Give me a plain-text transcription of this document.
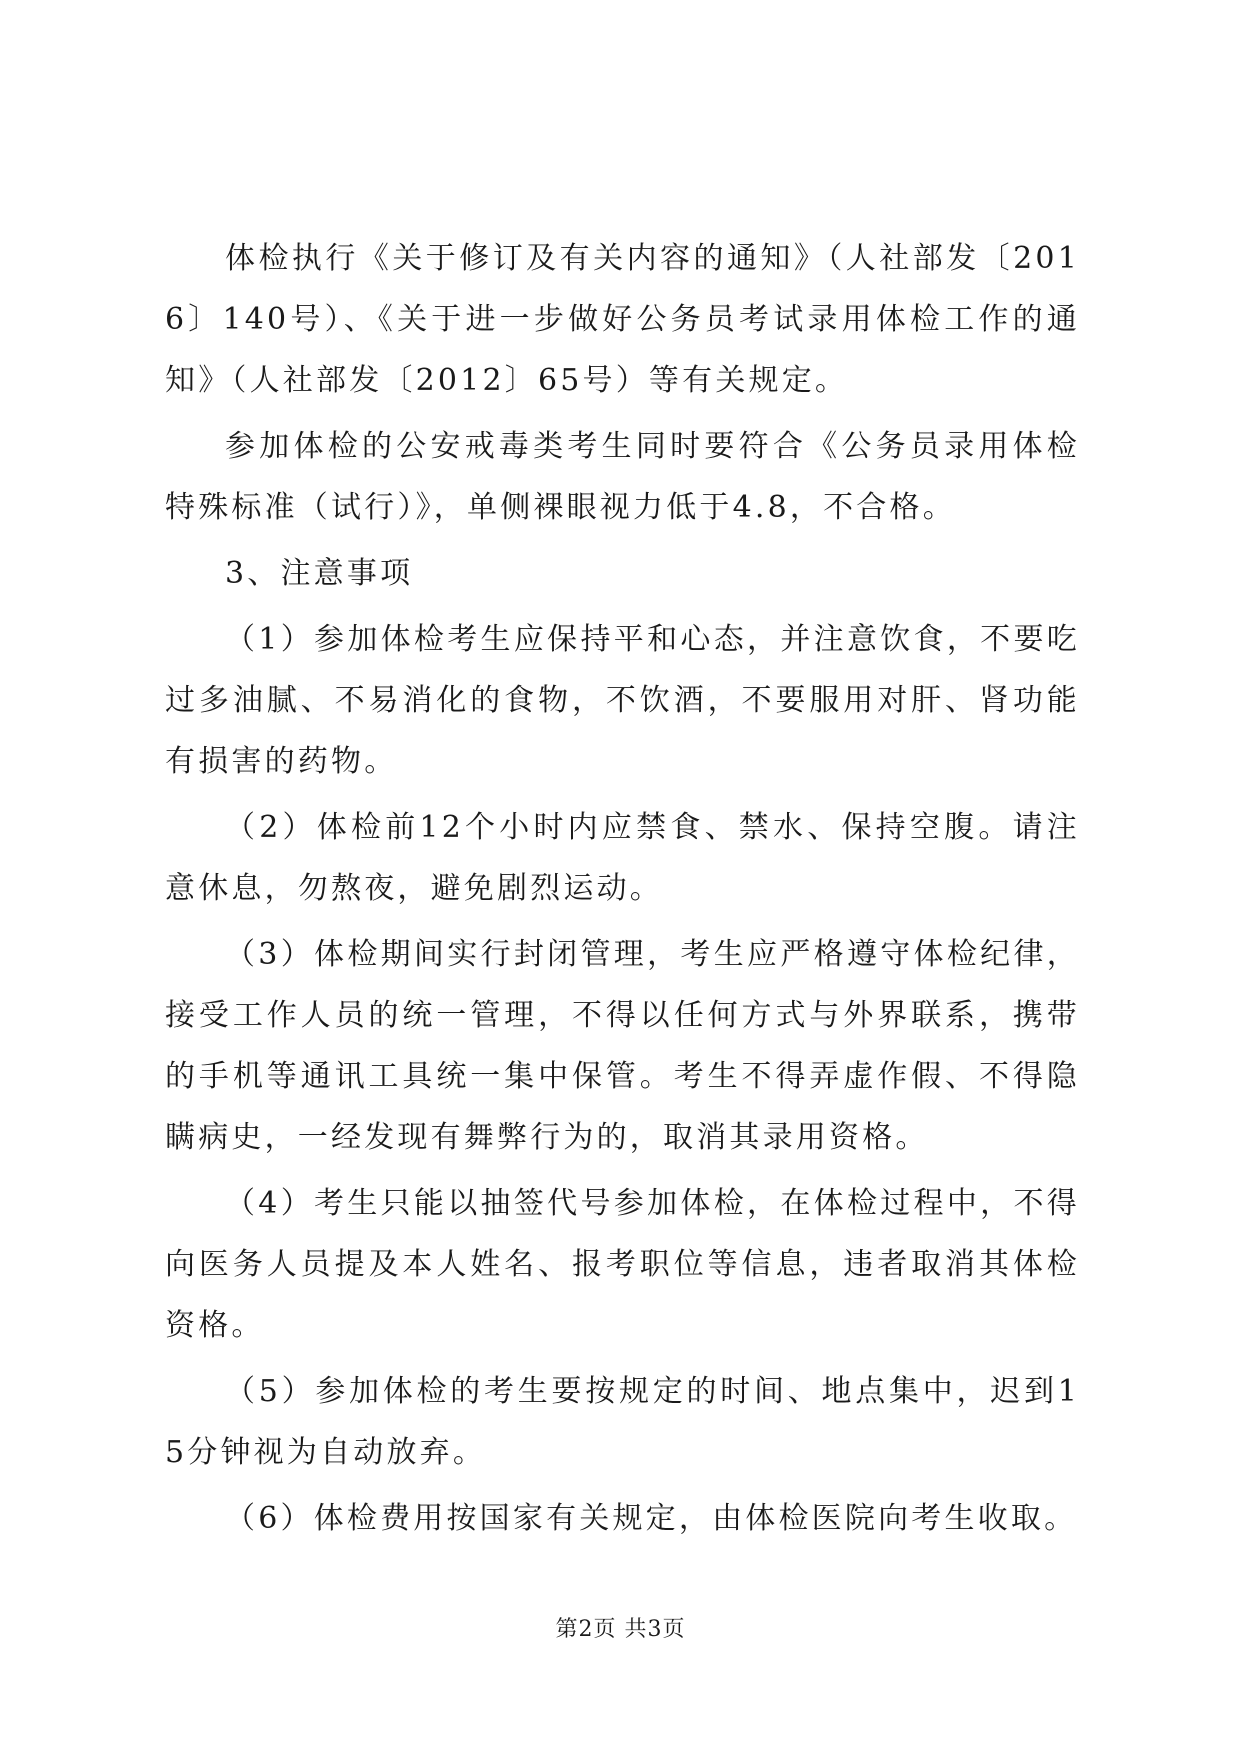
体检执行《关于修订及有关内容的通知》（人社部发〔2016〕140号）、《关于进一步做好公务员考试录用体检工作的通知》（人社部发〔2012〕65号）等有关规定。

参加体检的公安戒毒类考生同时要符合《公务员录用体检特殊标准（试行）》，单侧裸眼视力低于4.8，不合格。

3、注意事项

（1）参加体检考生应保持平和心态，并注意饮食，不要吃过多油腻、不易消化的食物，不饮酒，不要服用对肝、肾功能有损害的药物。

（2）体检前12个小时内应禁食、禁水、保持空腹。请注意休息，勿熬夜，避免剧烈运动。

（3）体检期间实行封闭管理，考生应严格遵守体检纪律，接受工作人员的统一管理，不得以任何方式与外界联系，携带的手机等通讯工具统一集中保管。考生不得弄虚作假、不得隐瞒病史，一经发现有舞弊行为的，取消其录用资格。

（4）考生只能以抽签代号参加体检，在体检过程中，不得向医务人员提及本人姓名、报考职位等信息，违者取消其体检资格。

（5）参加体检的考生要按规定的时间、地点集中，迟到15分钟视为自动放弃。

（6）体检费用按国家有关规定，由体检医院向考生收取。

第2页 共3页
